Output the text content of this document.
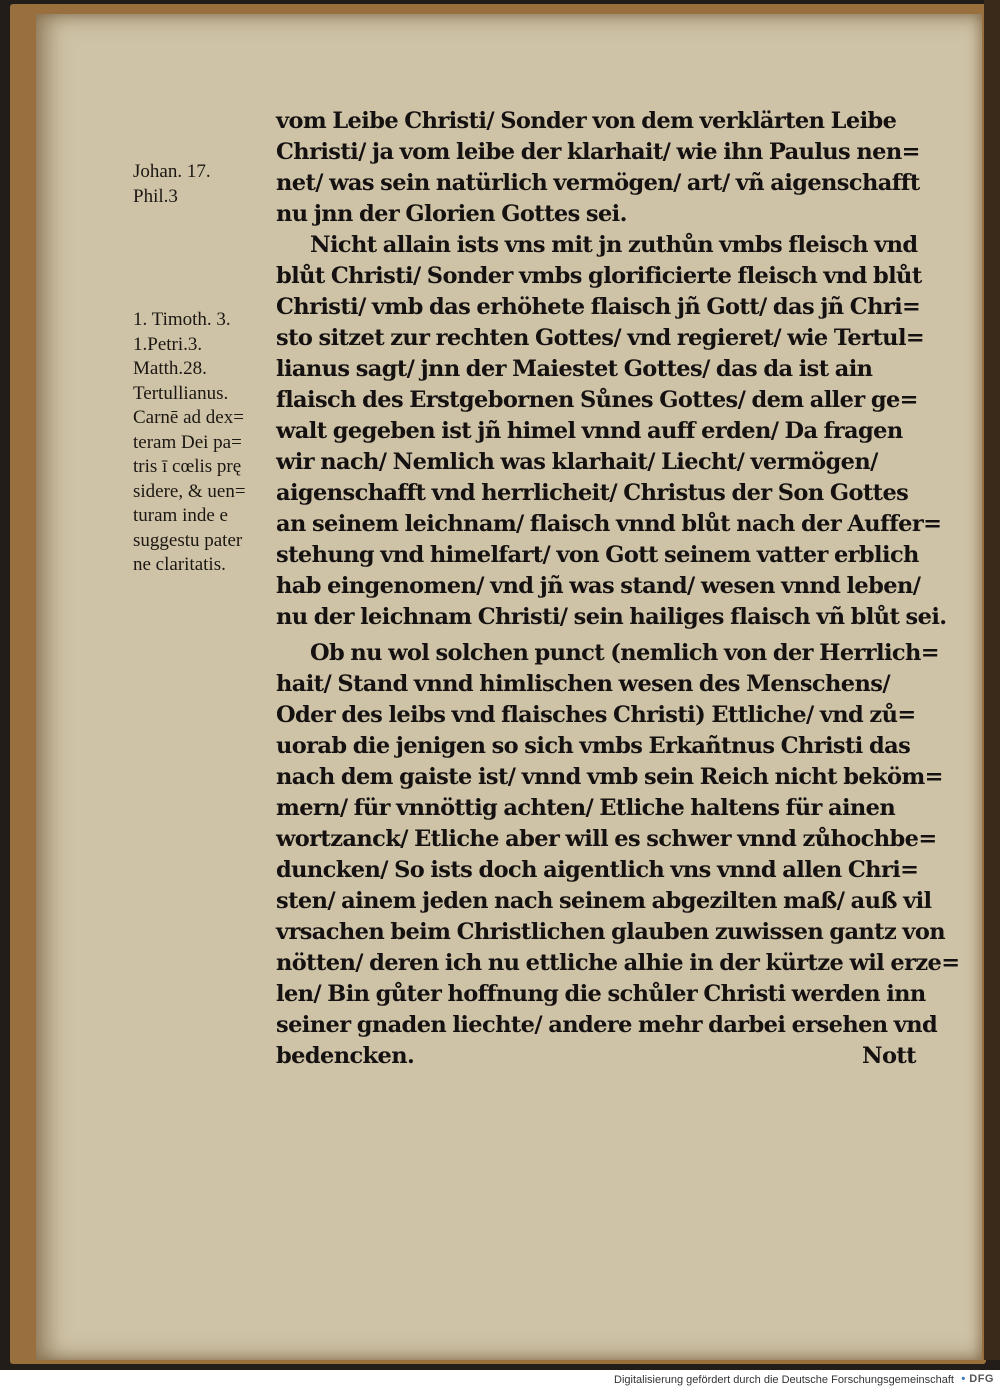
Johan. 17.
Phil.3
1. Timoth. 3.
1.Petri.3.
Matth.28.
Tertullianus.
Carnē ad dex=
teram Dei pa=
tris ī cœlis prę
sidere, & uen=
turam inde e
suggestu pater
ne claritatis.
vom Leibe Christi/ Sonder von dem verklärten Leibe
Christi/ ja vom leibe der klarhait/ wie ihn Paulus nen=
net/ was sein natürlich vermögen/ art/ vñ aigenschafft
nu jnn der Glorien Gottes sei.
Nicht allain ists vns mit jn zuthůn vmbs fleisch vnd
blůt Christi/ Sonder vmbs glorificierte fleisch vnd blůt
Christi/ vmb das erhöhete flaisch jñ Gott/ das jñ Chri=
sto sitzet zur rechten Gottes/ vnd regieret/ wie Tertul=
lianus sagt/ jnn der Maiestet Gottes/ das da ist ain
flaisch des Erstgebornen Sůnes Gottes/ dem aller ge=
walt gegeben ist jñ himel vnnd auff erden/ Da fragen
wir nach/ Nemlich was klarhait/ Liecht/ vermögen/
aigenschafft vnd herrlicheit/ Christus der Son Gottes
an seinem leichnam/ flaisch vnnd blůt nach der Auffer=
stehung vnd himelfart/ von Gott seinem vatter erblich
hab eingenomen/ vnd jñ was stand/ wesen vnnd leben/
nu der leichnam Christi/ sein hailiges flaisch vñ blůt sei.
Ob nu wol solchen punct (nemlich von der Herrlich=
hait/ Stand vnnd himlischen wesen des Menschens/
Oder des leibs vnd flaisches Christi) Ettliche/ vnd zů=
uorab die jenigen so sich vmbs Erkañtnus Christi das
nach dem gaiste ist/ vnnd vmb sein Reich nicht beköm=
mern/ für vnnöttig achten/ Etliche haltens für ainen
wortzanck/ Etliche aber will es schwer vnnd zůhochbe=
duncken/ So ists doch aigentlich vns vnnd allen Chri=
sten/ ainem jeden nach seinem abgezilten maß/ auß vil
vrsachen beim Christlichen glauben zuwissen gantz von
nötten/ deren ich nu ettliche alhie in der kürtze wil erze=
len/ Bin gůter hoffnung die schůler Christi werden inn
seiner gnaden liechte/ andere mehr darbei ersehen vnd
bedencken.	Nott
Digitalisierung gefördert durch die Deutsche Forschungsgemeinschaft • DFG
